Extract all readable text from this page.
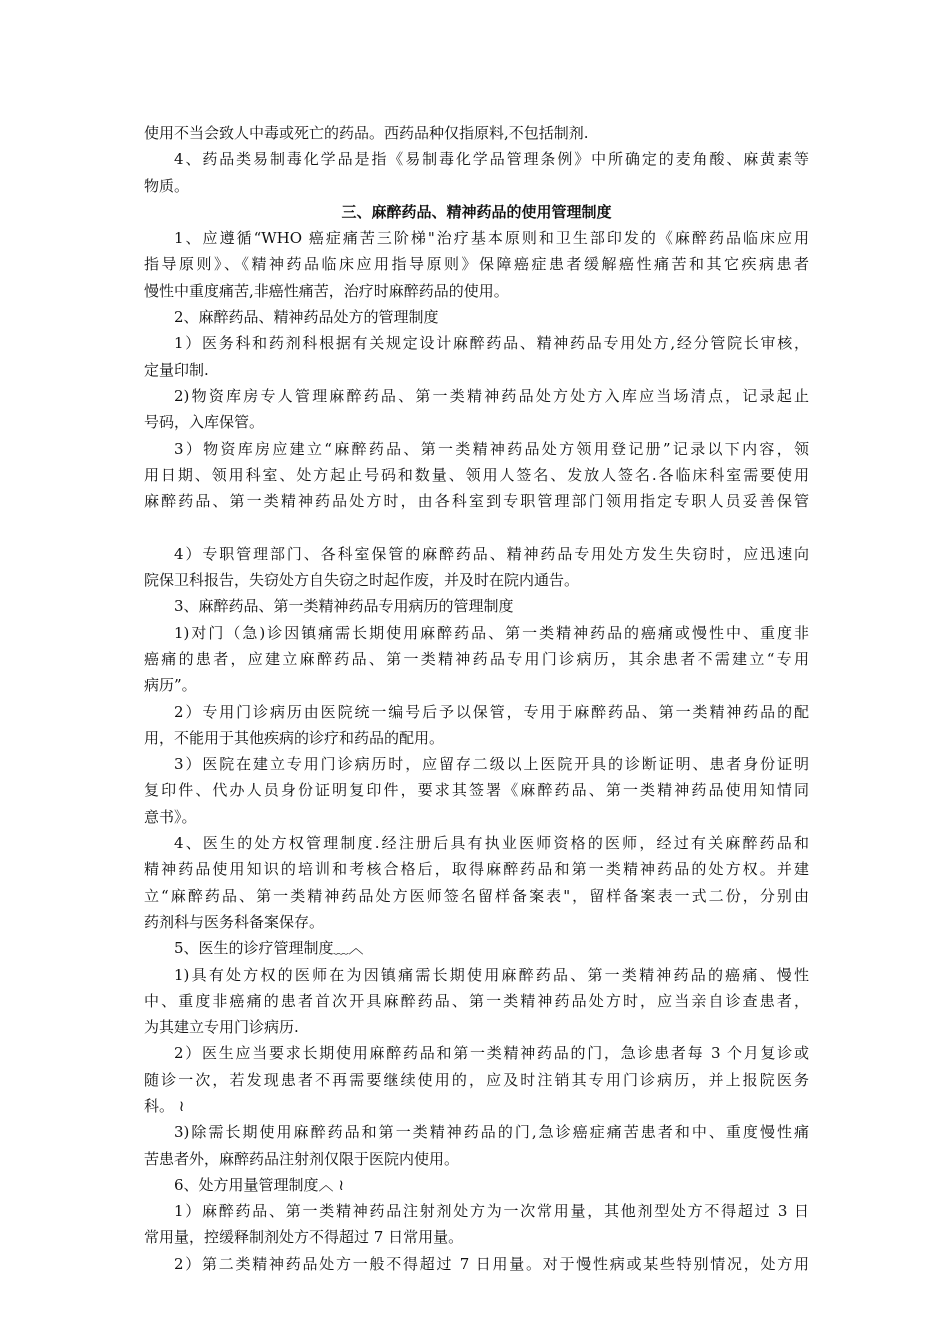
使用不当会致人中毒或死亡的药品。西药品种仅指原料,不包括制剂.
4、药品类易制毒化学品是指《易制毒化学品管理条例》中所确定的麦角酸、麻黄素等
物质。
三、麻醉药品、精神药品的使用管理制度
1、应遵循“WHO 癌症痛苦三阶梯"治疗基本原则和卫生部印发的《麻醉药品临床应用
指导原则》、《精神药品临床应用指导原则》保障癌症患者缓解癌性痛苦和其它疾病患者
慢性中重度痛苦,非癌性痛苦，治疗时麻醉药品的使用。
2、麻醉药品、精神药品处方的管理制度
1）医务科和药剂科根据有关规定设计麻醉药品、精神药品专用处方,经分管院长审核，
定量印制.
2)物资库房专人管理麻醉药品、第一类精神药品处方处方入库应当场清点，记录起止
号码，入库保管。
3）物资库房应建立“麻醉药品、第一类精神药品处方领用登记册”记录以下内容，领
用日期、领用科室、处方起止号码和数量、领用人签名、发放人签名.各临床科室需要使用
麻醉药品、第一类精神药品处方时，由各科室到专职管理部门领用指定专职人员妥善保管
4）专职管理部门、各科室保管的麻醉药品、精神药品专用处方发生失窃时，应迅速向
院保卫科报告，失窃处方自失窃之时起作废，并及时在院内通告。
3、麻醉药品、第一类精神药品专用病历的管理制度
1)对门（急)诊因镇痛需长期使用麻醉药品、第一类精神药品的癌痛或慢性中、重度非
癌痛的患者，应建立麻醉药品、第一类精神药品专用门诊病历，其余患者不需建立“专用
病历”。
2）专用门诊病历由医院统一编号后予以保管，专用于麻醉药品、第一类精神药品的配
用，不能用于其他疾病的诊疗和药品的配用。
3）医院在建立专用门诊病历时，应留存二级以上医院开具的诊断证明、患者身份证明
复印件、代办人员身份证明复印件，要求其签署《麻醉药品、第一类精神药品使用知情同
意书》。
4、医生的处方权管理制度.经注册后具有执业医师资格的医师，经过有关麻醉药品和
精神药品使用知识的培训和考核合格后，取得麻醉药品和第一类精神药品的处方权。并建
立“麻醉药品、第一类精神药品处方医师签名留样备案表"，留样备案表一式二份，分别由
药剂科与医务科备案保存。
5、医生的诊疗管理制度﹏︿
1)具有处方权的医师在为因镇痛需长期使用麻醉药品、第一类精神药品的癌痛、慢性
中、重度非癌痛的患者首次开具麻醉药品、第一类精神药品处方时，应当亲自诊查患者，
为其建立专用门诊病历.
2）医生应当要求长期使用麻醉药品和第一类精神药品的门，急诊患者每 3 个月复诊或
随诊一次，若发现患者不再需要继续使用的，应及时注销其专用门诊病历，并上报院医务
科。 ≀
3)除需长期使用麻醉药品和第一类精神药品的门,急诊癌症痛苦患者和中、重度慢性痛
苦患者外，麻醉药品注射剂仅限于医院内使用。
6、处方用量管理制度︿ ≀
1）麻醉药品、第一类精神药品注射剂处方为一次常用量，其他剂型处方不得超过 3 日
常用量，控缓释制剂处方不得超过 7 日常用量。
2）第二类精神药品处方一般不得超过 7 日用量。对于慢性病或某些特别情况，处方用
